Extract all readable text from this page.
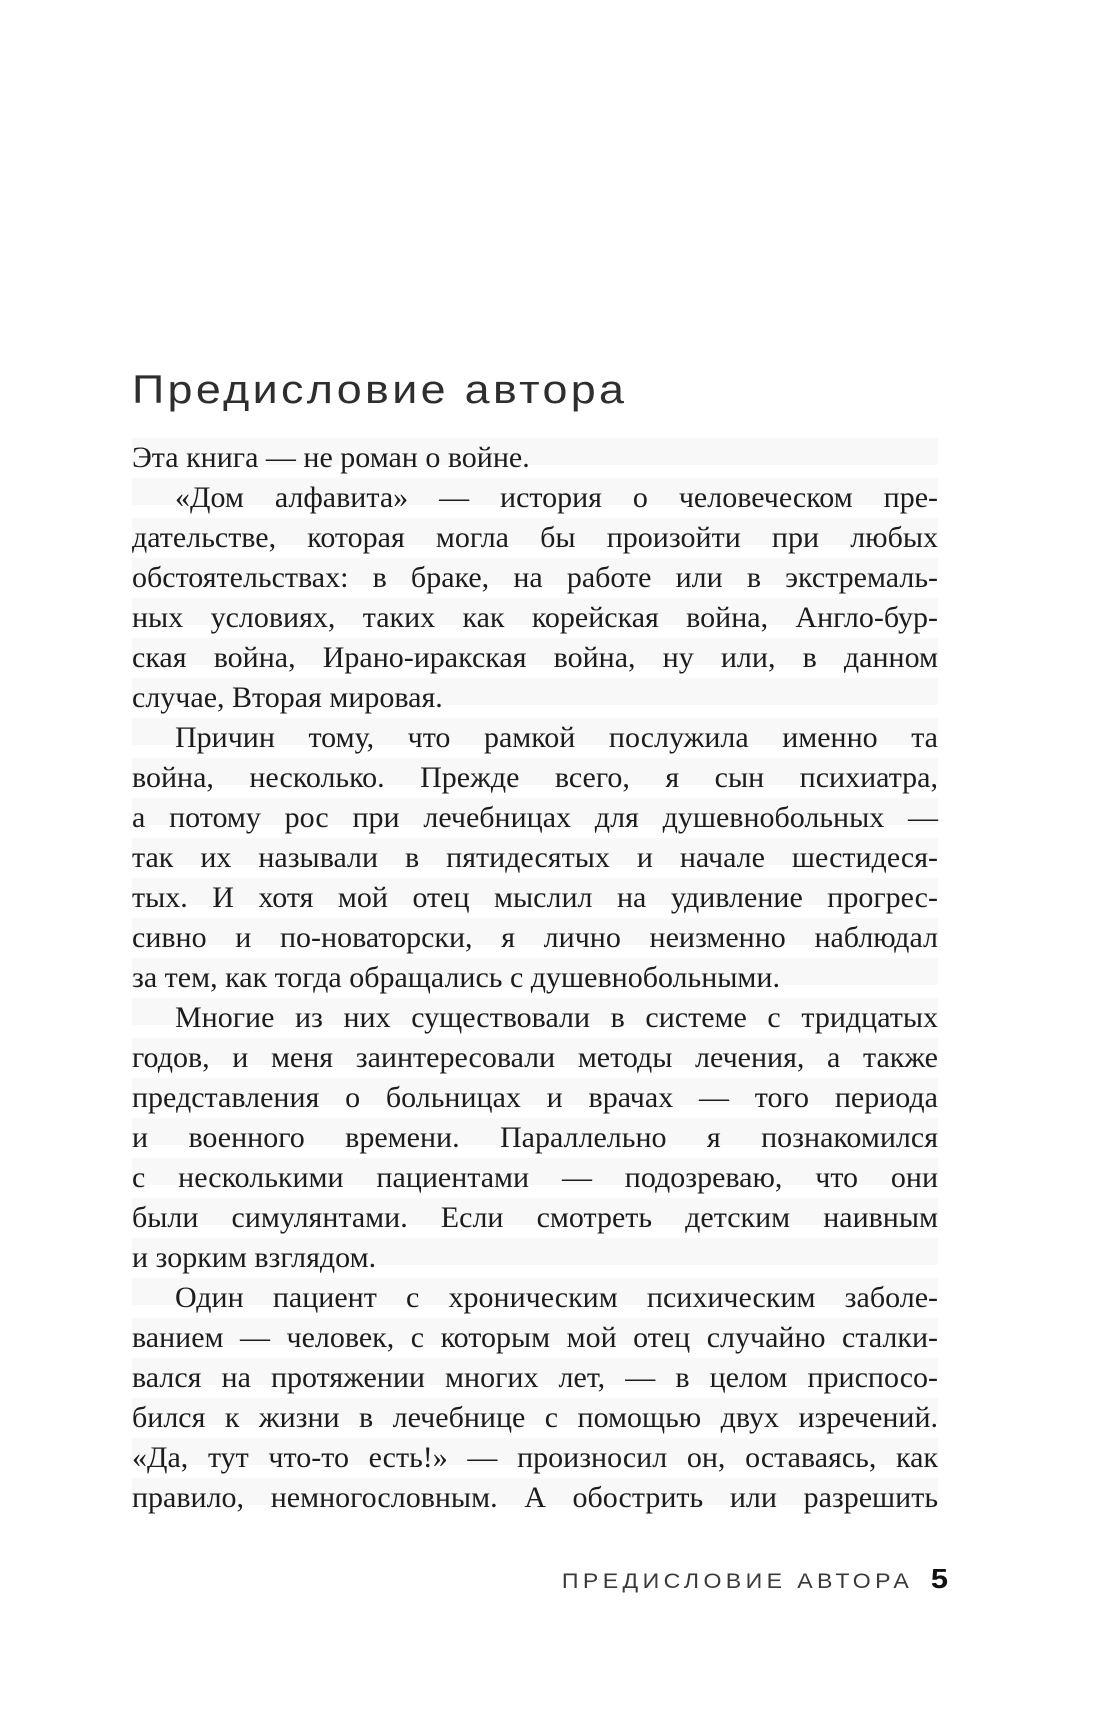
Предисловие автора
Эта книга — не роман о войне.
«Дом алфавита» — история о человеческом пре-
дательстве, которая могла бы произойти при любых
обстоятельствах: в браке, на работе или в экстремаль-
ных условиях, таких как корейская война, Англо-бур-
ская война, Ирано-иракская война, ну или, в данном
случае, Вторая мировая.
Причин тому, что рамкой послужила именно та
война, несколько. Прежде всего, я сын психиатра,
а потому рос при лечебницах для душевнобольных —
так их называли в пятидесятых и начале шестидеся-
тых. И хотя мой отец мыслил на удивление прогрес-
сивно и по-новаторски, я лично неизменно наблюдал
за тем, как тогда обращались с душевнобольными.
Многие из них существовали в системе с тридцатых
годов, и меня заинтересовали методы лечения, а также
представления о больницах и врачах — того периода
и военного времени. Параллельно я познакомился
с несколькими пациентами — подозреваю, что они
были симулянтами. Если смотреть детским наивным
и зорким взглядом.
Один пациент с хроническим психическим заболе-
ванием — человек, с которым мой отец случайно сталки-
вался на протяжении многих лет, — в целом приспосо-
бился к жизни в лечебнице с помощью двух изречений.
«Да, тут что-то есть!» — произносил он, оставаясь, как
правило, немногословным. А обострить или разрешить
ПРЕДИСЛОВИЕ АВТОРА 5
